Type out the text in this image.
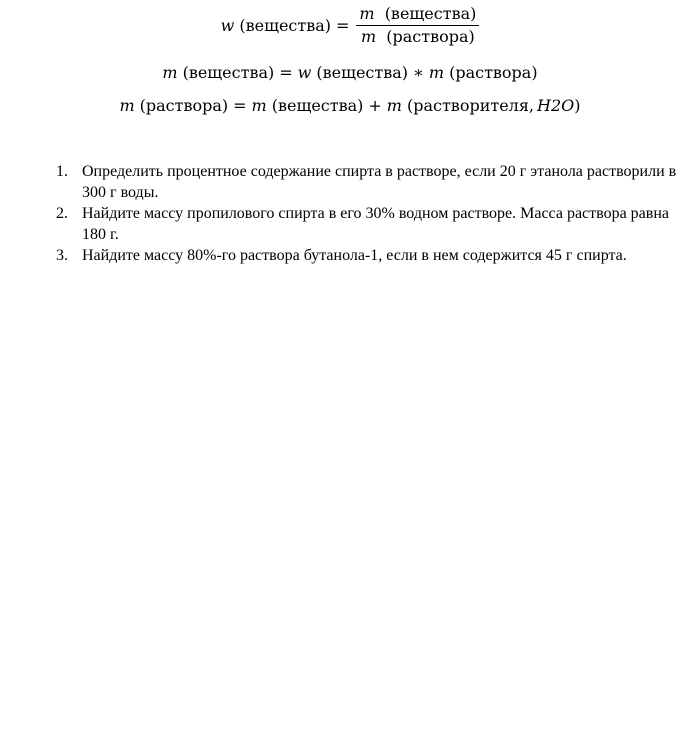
w (вещества) = $\frac{\text{m (вещества)}}{\text{m (раствора)}}$
m (вещества) = w (вещества) ∗ m (раствора)
m (раствора) = m (вещества) + m (растворителя, H2O )
1. Определить процентное содержание спирта в растворе, если 20 г этанола растворили в 300 г воды.
2. Найдите массу пропилового спирта в его 30% водном растворе. Масса раствора равна 180 г.
3. Найдите массу 80%-го раствора бутанола-1, если в нем содержится 45 г спирта.
